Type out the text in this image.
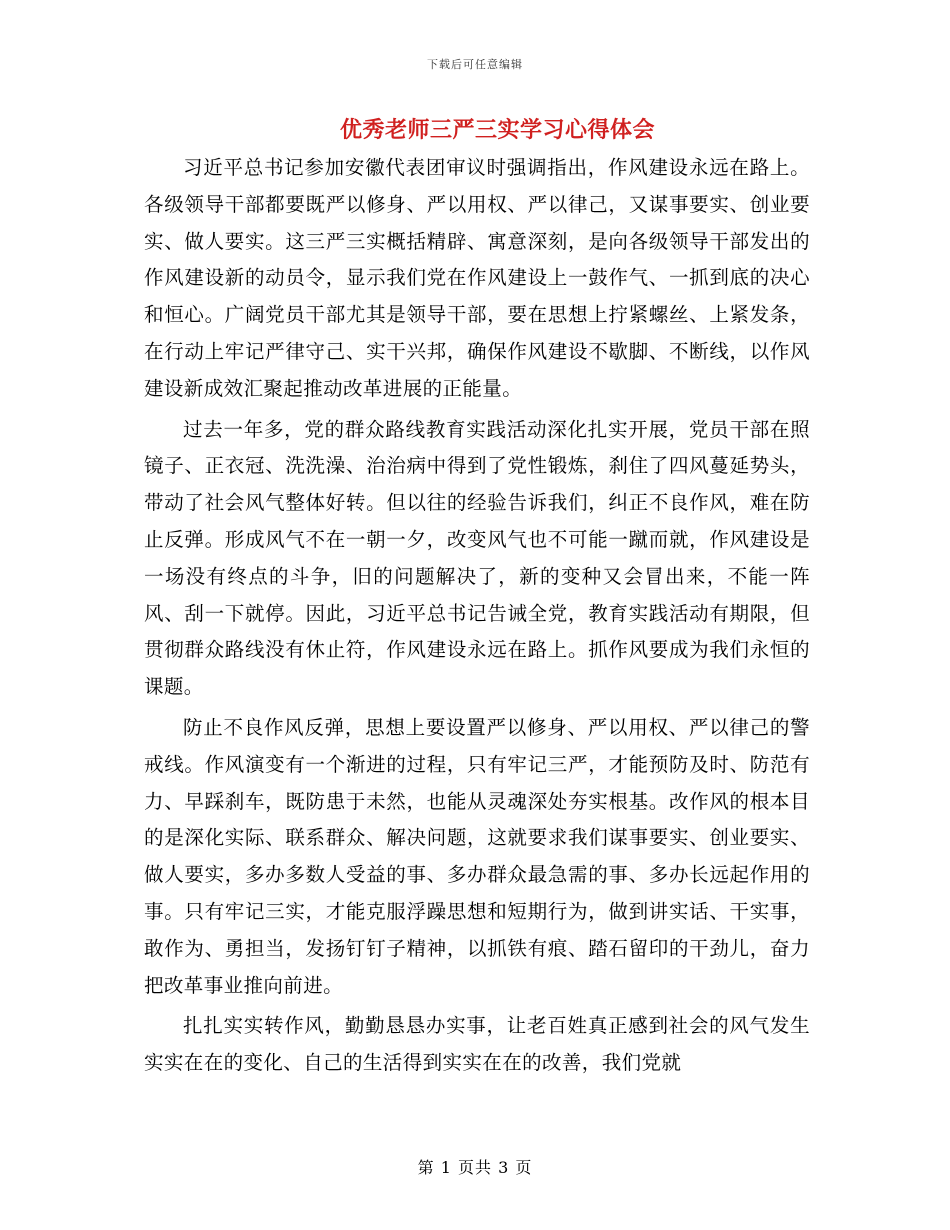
下载后可任意编辑
优秀老师三严三实学习心得体会

习近平总书记参加安徽代表团审议时强调指出，作风建设永远在路上。各级领导干部都要既严以修身、严以用权、严以律己，又谋事要实、创业要实、做人要实。这三严三实概括精辟、寓意深刻，是向各级领导干部发出的作风建设新的动员令，显示我们党在作风建设上一鼓作气、一抓到底的决心和恒心。广阔党员干部尤其是领导干部，要在思想上拧紧螺丝、上紧发条，在行动上牢记严律守己、实干兴邦，确保作风建设不歇脚、不断线，以作风建设新成效汇聚起推动改革进展的正能量。

过去一年多，党的群众路线教育实践活动深化扎实开展，党员干部在照镜子、正衣冠、洗洗澡、治治病中得到了党性锻炼，刹住了四风蔓延势头，带动了社会风气整体好转。但以往的经验告诉我们，纠正不良作风，难在防止反弹。形成风气不在一朝一夕，改变风气也不可能一蹴而就，作风建设是一场没有终点的斗争，旧的问题解决了，新的变种又会冒出来，不能一阵风、刮一下就停。因此，习近平总书记告诫全党，教育实践活动有期限，但贯彻群众路线没有休止符，作风建设永远在路上。抓作风要成为我们永恒的课题。

防止不良作风反弹，思想上要设置严以修身、严以用权、严以律己的警戒线。作风演变有一个渐进的过程，只有牢记三严，才能预防及时、防范有力、早踩刹车，既防患于未然，也能从灵魂深处夯实根基。改作风的根本目的是深化实际、联系群众、解决问题，这就要求我们谋事要实、创业要实、做人要实，多办多数人受益的事、多办群众最急需的事、多办长远起作用的事。只有牢记三实，才能克服浮躁思想和短期行为，做到讲实话、干实事，敢作为、勇担当，发扬钉钉子精神，以抓铁有痕、踏石留印的干劲儿，奋力把改革事业推向前进。

扎扎实实转作风，勤勤恳恳办实事，让老百姓真正感到社会的风气发生实实在在的变化、自己的生活得到实实在在的改善，我们党就

第 1 页共 3 页
